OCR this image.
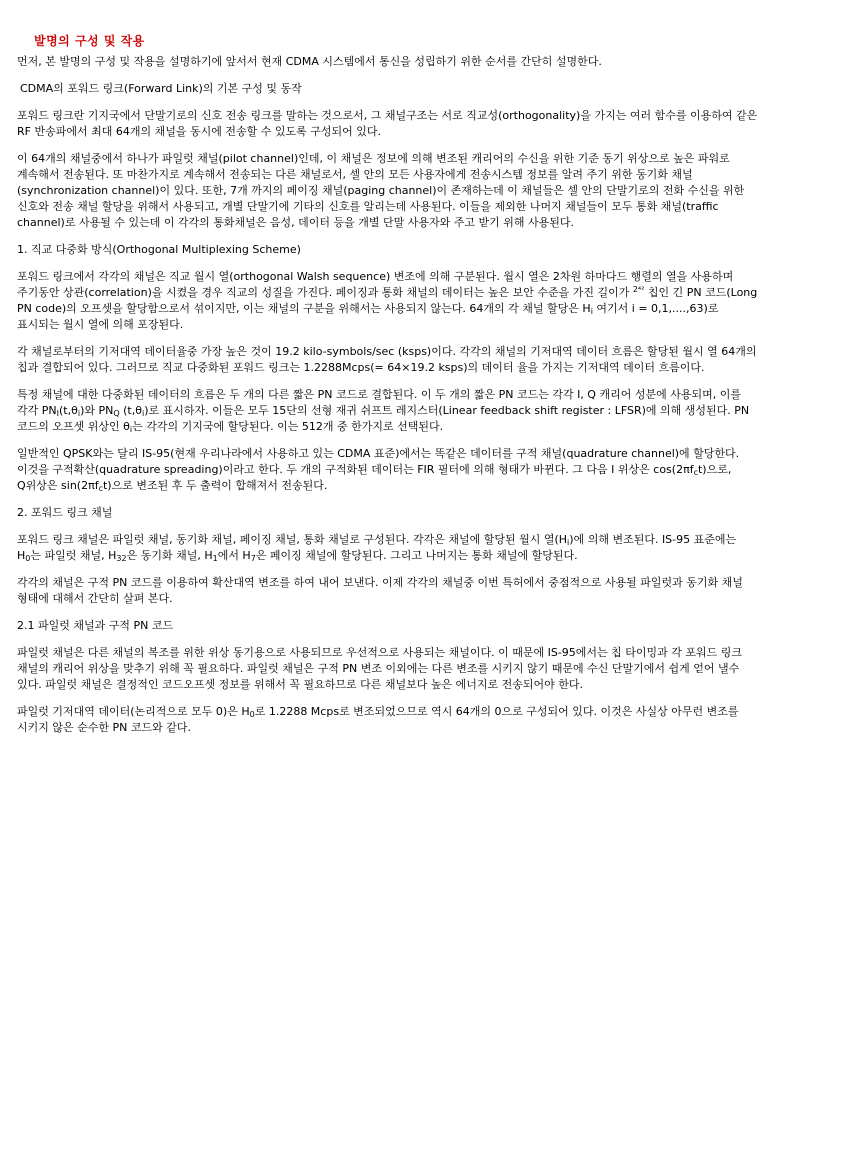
발명의 구성 및 작용

먼저, 본 발명의 구성 및 작용을 설명하기에 앞서서 현재 CDMA 시스템에서 통신을 성립하기 위한 순서를 간단히 설명한다.

CDMA의 포워드 링크(Forward Link)의 기본 구성 및 동작

포워드 링크란 기지국에서 단말기로의 신호 전송 링크를 말하는 것으로서, 그 채널구조는 서로 직교성(orthogonality)을 가지는 여러 함수를 이용하여 같은 RF 반송파에서 최대 64개의 채널을 동시에 전송할 수 있도록 구성되어 있다.

이 64개의 채널중에서 하나가 파일럿 채널(pilot channel)인데, 이 채널은 정보에 의해 변조된 캐리어의 수신을 위한 기준 동기 위상으로 높은 파워로 계속해서 전송된다. 또 마찬가지로 계속해서 전송되는 다른 채널로서, 셀 안의 모든 사용자에게 전송시스템 정보를 알려 주기 위한 동기화 채널(synchronization channel)이 있다. 또한, 7개 까지의 페이징 채널(paging channel)이 존재하는데 이 채널들은 셀 안의 단말기로의 전화 수신을 위한 신호와 전송 채널 할당을 위해서 사용되고, 개별 단말기에 기타의 신호를 알리는데 사용된다. 이들을 제외한 나머지 채널들이 모두 통화 채널(traffic channel)로 사용될 수 있는데 이 각각의 통화채널은 음성, 데이터 등을 개별 단말 사용자와 주고 받기 위해 사용된다.

1. 직교 다중화 방식(Orthogonal Multiplexing Scheme)

포워드 링크에서 각각의 채널은 직교 월시 열(orthogonal Walsh sequence) 변조에 의해 구분된다. 월시 열은 2차원 하마다드 행렬의 열을 사용하며 주기동안 상관(correlation)을 시켰을 경우 직교의 성질을 가진다. 페이징과 통화 채널의 데이터는 높은 보안 수준을 가진 길이가 $^{2^{42}}$ 칩인 긴 PN 코드(Long PN code)의 오프셋을 할당함으로서 섞이지만, 이는 채널의 구분을 위해서는 사용되지 않는다. 64개의 각 채널 할당은 $H_i$ 여기서 i = 0,1,....,63)로 표시되는 월시 열에 의해 포장된다.

각 채널로부터의 기저대역 데이터율중 가장 높은 것이 19.2 kilo-symbols/sec (ksps)이다. 각각의 채널의 기저대역 데이터 흐름은 할당된 월시 열 64개의 칩과 결합되어 있다. 그러므로 직교 다중화된 포워드 링크는 1.2288Mcps(= 64×19.2 ksps)의 데이터 율을 가지는 기저대역 데이터 흐름이다.

특정 채널에 대한 다중화된 데이터의 흐름은 두 개의 다른 짧은 PN 코드로 결합된다. 이 두 개의 짧은 PN 코드는 각각 I, Q 캐리어 성분에 사용되며, 이를 각각 $PN_I(t,\theta_i)$와 $PN_Q$ $(t,\theta_i)$로 표시하자. 이들은 모두 15단의 선형 재귀 쉬프트 레지스터(Linear feedback shift register : LFSR)에 의해 생성된다. PN 코드의 오프셋 위상인 $\theta_i$는 각각의 기지국에 할당된다. 이는 512개 중 한가지로 선택된다.

일반적인 QPSK와는 달리 IS-95(현재 우리나라에서 사용하고 있는 CDMA 표준)에서는 똑같은 데이터를 구적 채널(quadrature channel)에 할당한다. 이것을 구적확산(quadrature spreading)이라고 한다. 두 개의 구적화된 데이터는 FIR 필터에 의해 형태가 바뀐다. 그 다음 I 위상은 $\cos(2\pi f_ct)$으로, Q위상은 $\sin(2\pi f_ct)$으로 변조된 후 두 출력이 합해져서 전송된다.

2. 포워드 링크 채널

포워드 링크 채널은 파일럿 채널, 동기화 채널, 페이징 채널, 통화 채널로 구성된다. 각각은 채널에 할당된 월시 열$(H_i)$에 의해 변조된다. IS-95 표준에는 $H_0$는 파일럿 채널, $H_{32}$은 동기화 채널, $H_1$에서 $H_7$은 페이징 채널에 할당된다. 그리고 나머지는 통화 채널에 할당된다.

각각의 채널은 구적 PN 코드를 이용하여 확산대역 변조를 하여 내어 보낸다. 이제 각각의 채널중 이번 특허에서 중점적으로 사용될 파일럿과 동기화 채널 형태에 대해서 간단히 살펴 본다.

2.1 파일럿 채널과 구적 PN 코드

파일럿 채널은 다른 채널의 복조를 위한 위상 동기용으로 사용되므로 우선적으로 사용되는 채널이다. 이 때문에 IS-95에서는 칩 타이밍과 각 포워드 링크 채널의 캐리어 위상을 맞추기 위해 꼭 필요하다. 파일럿 채널은 구적 PN 변조 이외에는 다른 변조를 시키지 않기 때문에 수신 단말기에서 쉽게 얻어 낼수 있다. 파일럿 채널은 결정적인 코드오프셋 정보를 위해서 꼭 필요하므로 다른 채널보다 높은 에너지로 전송되어야 한다.

파일럿 기저대역 데이터(논리적으로 모두 0)은 $H_0$로 1.2288 Mcps로 변조되었으므로 역시 64개의 0으로 구성되어 있다. 이것은 사실상 아무런 변조를 시키지 않은 순수한 PN 코드와 같다.
